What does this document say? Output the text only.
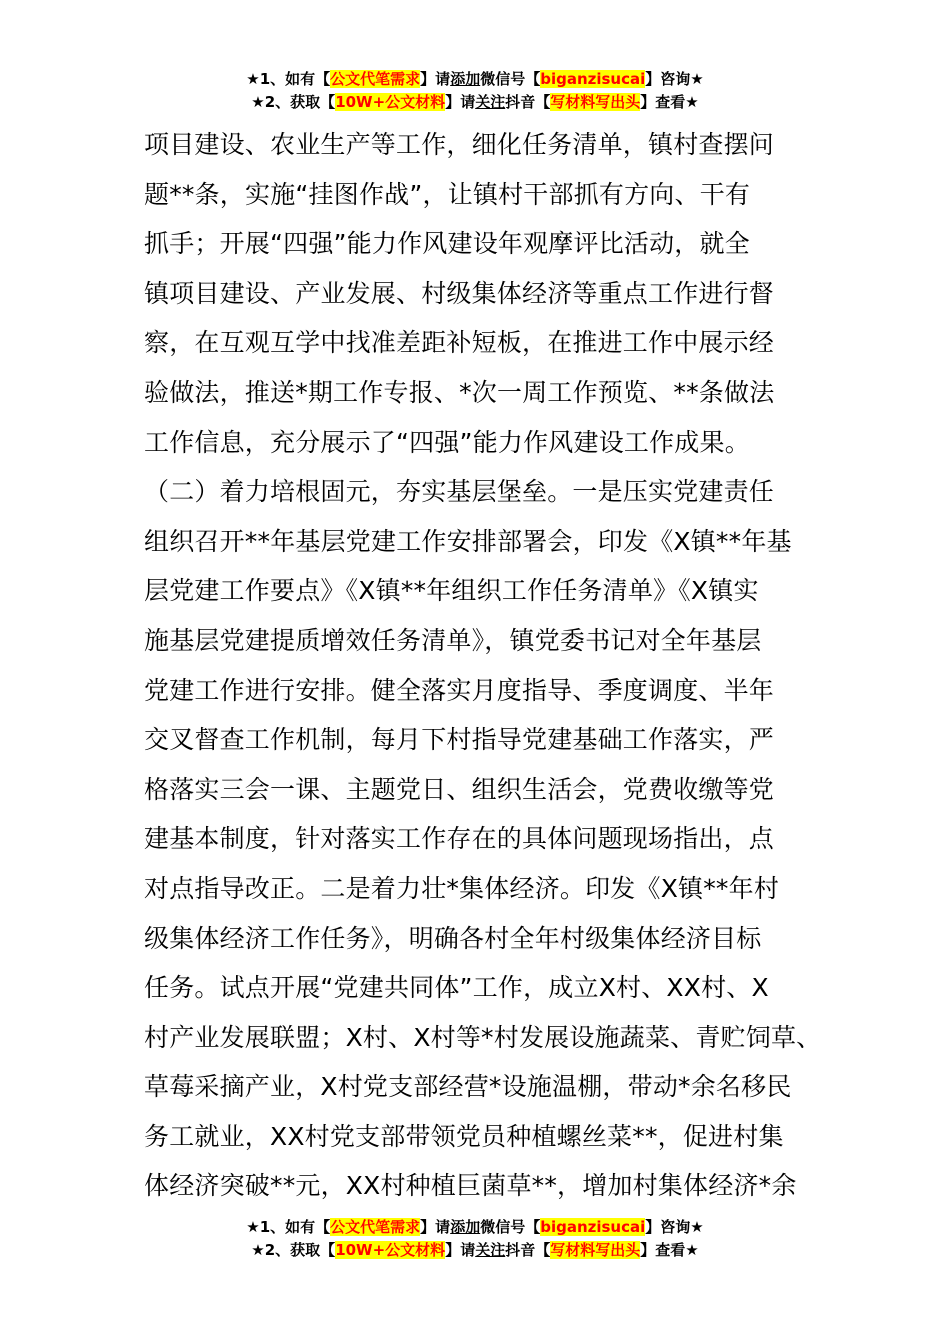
★1、如有【公文代笔需求】请添加微信号【biganzisucai】咨询★
★2、获取【10W+公文材料】请关注抖音【写材料写出头】查看★
项目建设、农业生产等工作，细化任务清单，镇村查摆问
题**条，实施“挂图作战”，让镇村干部抓有方向、干有
抓手；开展“四强”能力作风建设年观摩评比活动，就全
镇项目建设、产业发展、村级集体经济等重点工作进行督
察，在互观互学中找准差距补短板，在推进工作中展示经
验做法，推送*期工作专报、*次一周工作预览、**条做法
工作信息，充分展示了“四强”能力作风建设工作成果。
（二）着力培根固元，夯实基层堡垒。一是压实党建责任
组织召开**年基层党建工作安排部署会，印发《X镇**年基
层党建工作要点》《X镇**年组织工作任务清单》《X镇实
施基层党建提质增效任务清单》，镇党委书记对全年基层
党建工作进行安排。健全落实月度指导、季度调度、半年
交叉督查工作机制，每月下村指导党建基础工作落实，严
格落实三会一课、主题党日、组织生活会，党费收缴等党
建基本制度，针对落实工作存在的具体问题现场指出，点
对点指导改正。二是着力壮*集体经济。印发《X镇**年村
级集体经济工作任务》，明确各村全年村级集体经济目标
任务。试点开展“党建共同体”工作，成立X村、XX村、X
村产业发展联盟；X村、X村等*村发展设施蔬菜、青贮饲草、
草莓采摘产业，X村党支部经营*设施温棚，带动*余名移民
务工就业，XX村党支部带领党员种植螺丝菜**，促进村集
体经济突破**元，XX村种植巨菌草**，增加村集体经济*余
★1、如有【公文代笔需求】请添加微信号【biganzisucai】咨询★
★2、获取【10W+公文材料】请关注抖音【写材料写出头】查看★
